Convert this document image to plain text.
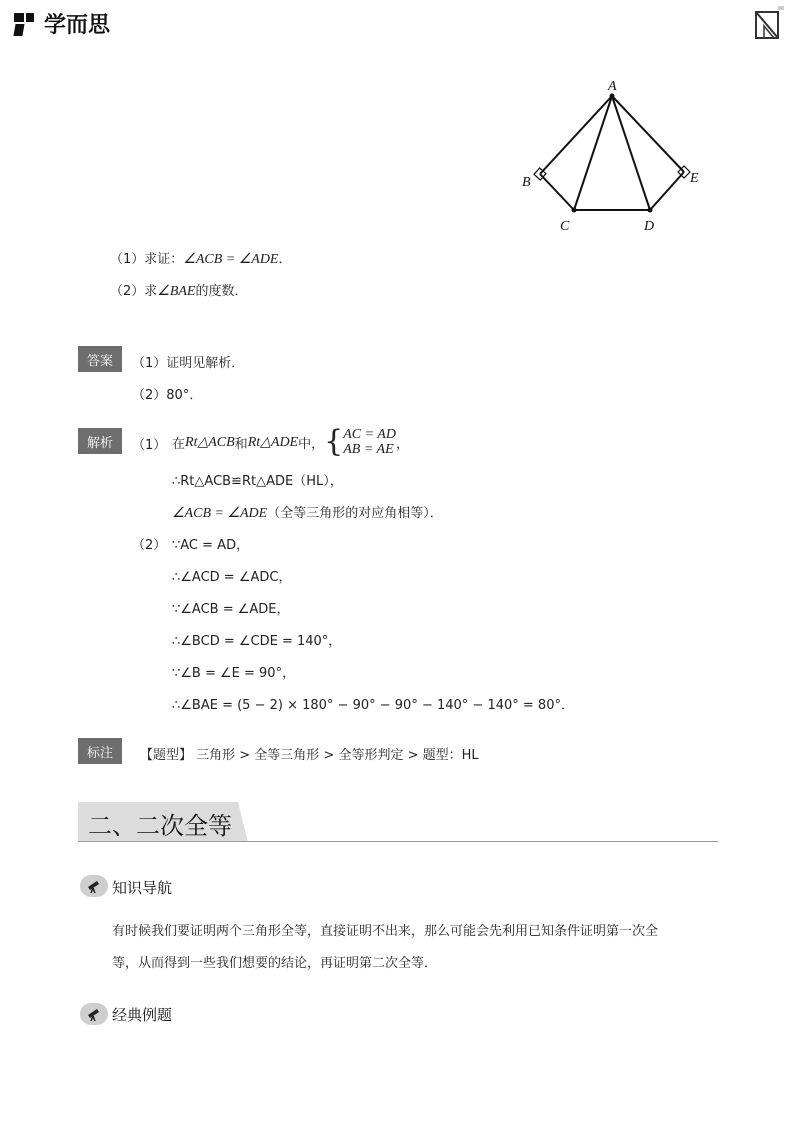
学而思
A
B
C	D
E
（1）求证：∠ACB = ∠ADE．
（2）求∠BAE的度数．
答案	（1）证明见解析．
（2）80°．
解析	（1） 在 Rt△ACB 和 Rt△ADE 中， { AC = AD
AB = AE ，
∴Rt△ACB≌Rt△ADE（HL），
∠ACB = ∠ADE（全等三角形的对应角相等）．
（2） ∵AC = AD，
∴∠ACD = ∠ADC，
∵∠ACB = ∠ADE，
∴∠BCD = ∠CDE = 140°，
∵∠B = ∠E = 90°，
∴∠BAE = (5 − 2) × 180° − 90° − 90° − 140° − 140° = 80°．
标注	【题型】 三角形 > 全等三角形 > 全等形判定 > 题型：HL
二、二次全等
知识导航
有时候我们要证明两个三角形全等，直接证明不出来，那么可能会先利用已知条件证明第一次全
等，从而得到一些我们想要的结论，再证明第二次全等．
经典例题
